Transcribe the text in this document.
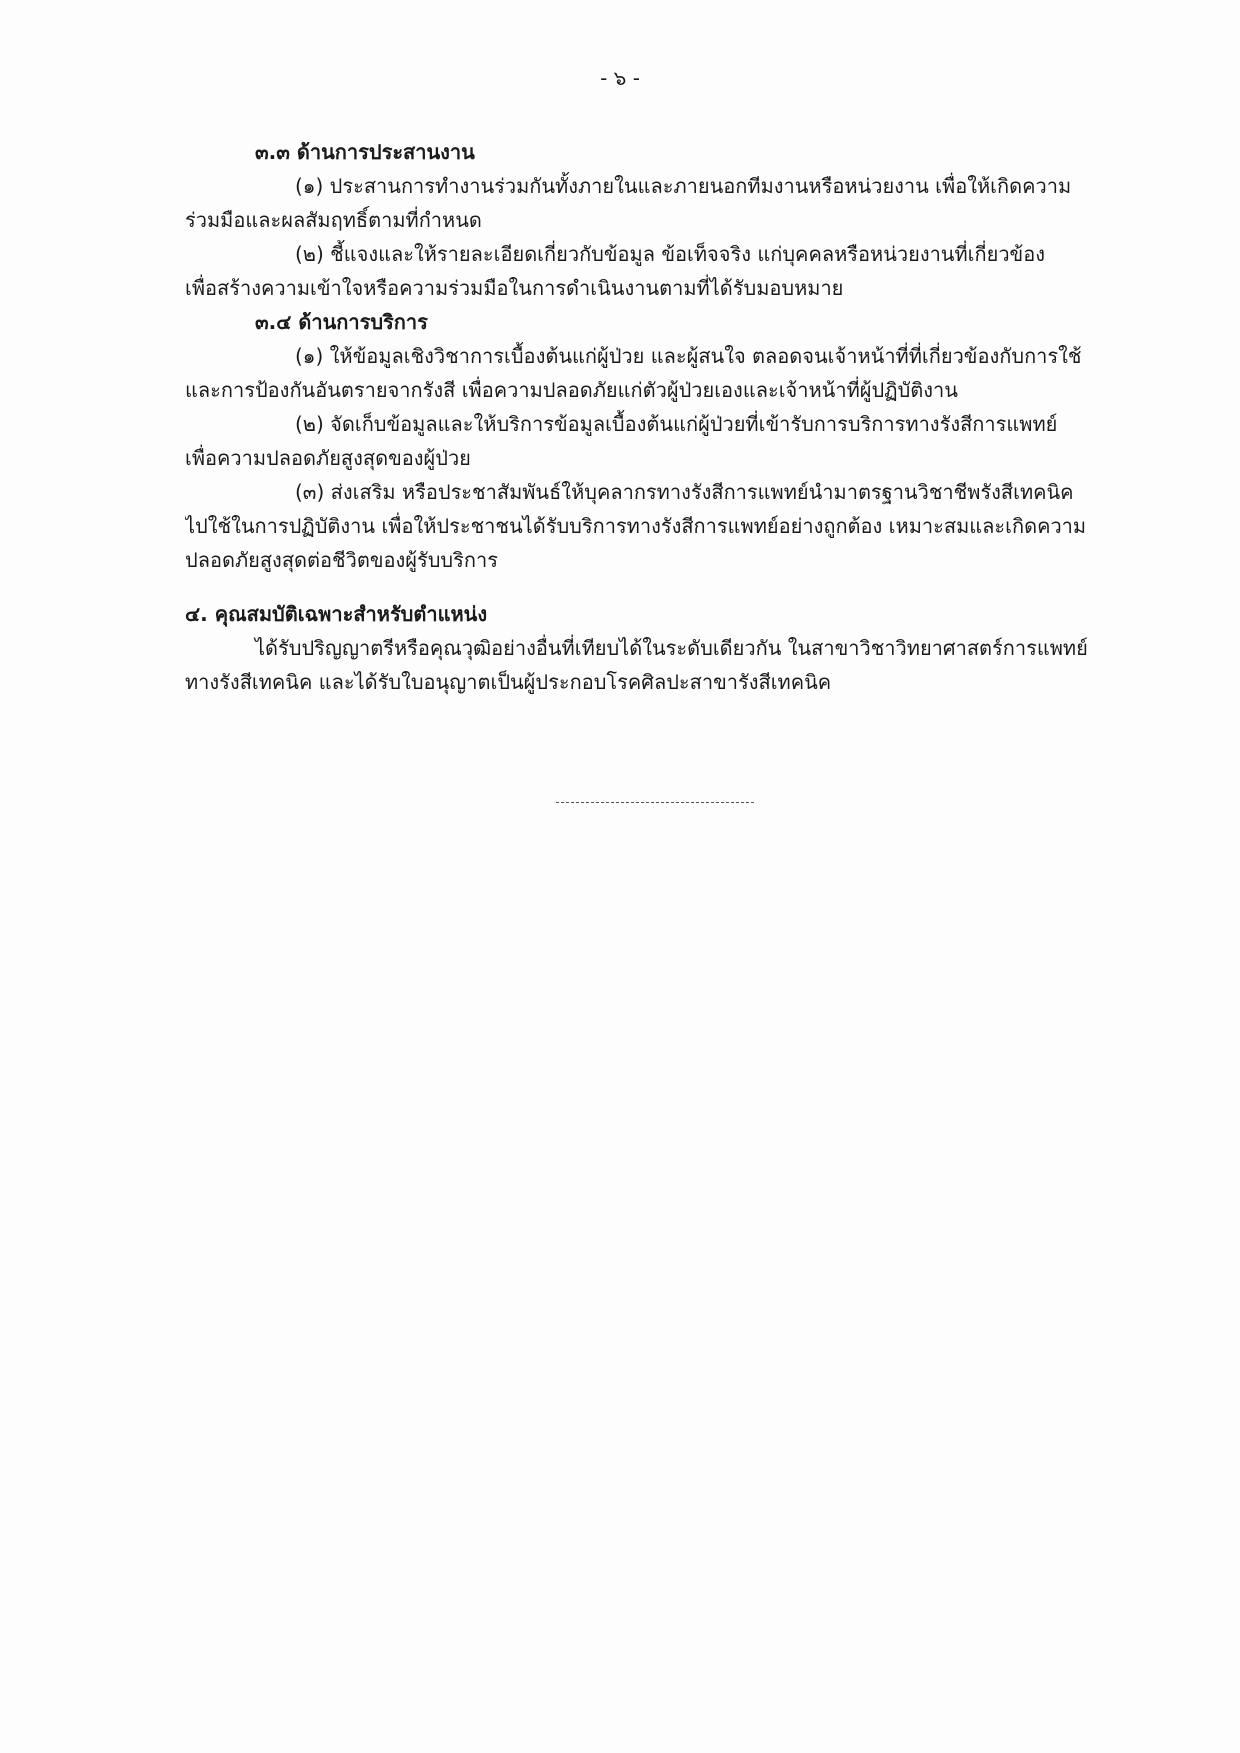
- ๖ -
๓.๓ ด้านการประสานงาน
(๑) ประสานการทำงานร่วมกันทั้งภายในและภายนอกทีมงานหรือหน่วยงาน เพื่อให้เกิดความ
ร่วมมือและผลสัมฤทธิ์ตามที่กำหนด
(๒) ชี้แจงและให้รายละเอียดเกี่ยวกับข้อมูล ข้อเท็จจริง แก่บุคคลหรือหน่วยงานที่เกี่ยวข้อง
เพื่อสร้างความเข้าใจหรือความร่วมมือในการดำเนินงานตามที่ได้รับมอบหมาย
๓.๔ ด้านการบริการ
(๑) ให้ข้อมูลเชิงวิชาการเบื้องต้นแก่ผู้ป่วย และผู้สนใจ ตลอดจนเจ้าหน้าที่ที่เกี่ยวข้องกับการใช้
และการป้องกันอันตรายจากรังสี เพื่อความปลอดภัยแก่ตัวผู้ป่วยเองและเจ้าหน้าที่ผู้ปฏิบัติงาน
(๒) จัดเก็บข้อมูลและให้บริการข้อมูลเบื้องต้นแก่ผู้ป่วยที่เข้ารับการบริการทางรังสีการแพทย์
เพื่อความปลอดภัยสูงสุดของผู้ป่วย
(๓) ส่งเสริม หรือประชาสัมพันธ์ให้บุคลากรทางรังสีการแพทย์นำมาตรฐานวิชาชีพรังสีเทคนิค
ไปใช้ในการปฏิบัติงาน เพื่อให้ประชาชนได้รับบริการทางรังสีการแพทย์อย่างถูกต้อง เหมาะสมและเกิดความ
ปลอดภัยสูงสุดต่อชีวิตของผู้รับบริการ
๔. คุณสมบัติเฉพาะสำหรับตำแหน่ง
ได้รับปริญญาตรีหรือคุณวุฒิอย่างอื่นที่เทียบได้ในระดับเดียวกัน ในสาขาวิชาวิทยาศาสตร์การแพทย์
ทางรังสีเทคนิค และได้รับใบอนุญาตเป็นผู้ประกอบโรคศิลปะสาขารังสีเทคนิค
